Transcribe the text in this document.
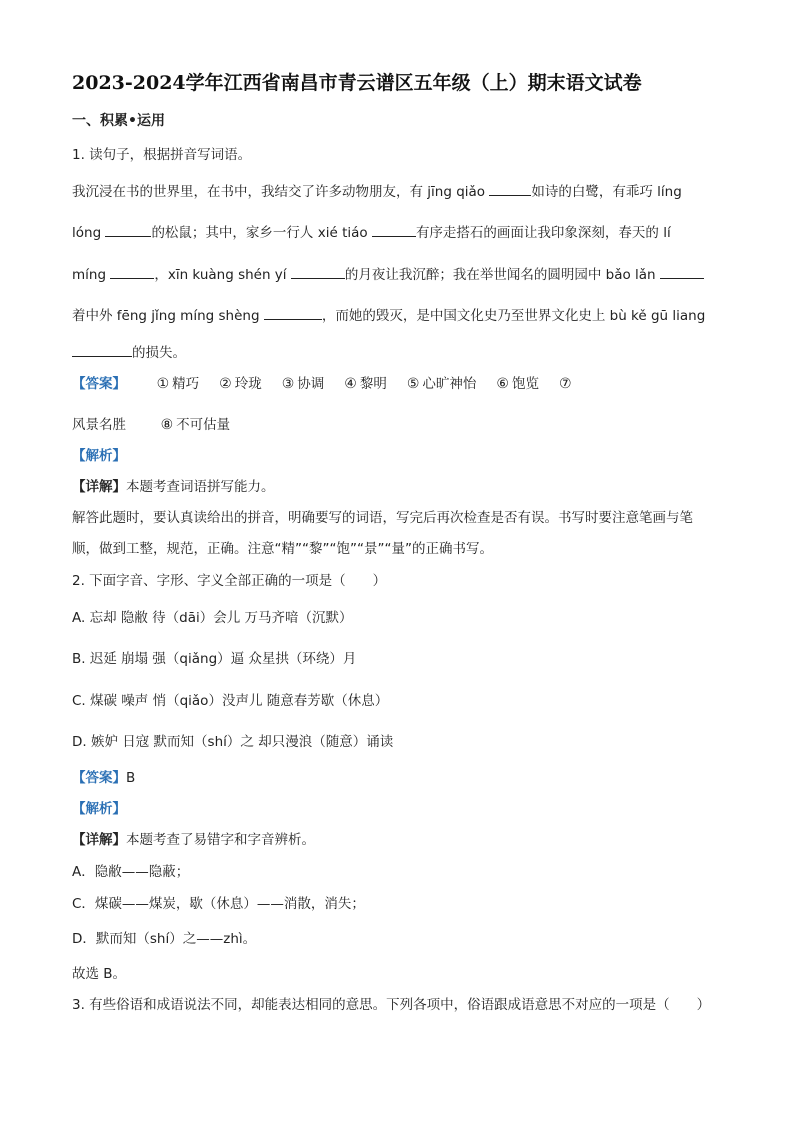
2023-2024学年江西省南昌市青云谱区五年级（上）期末语文试卷
一、积累•运用
1. 读句子，根据拼音写词语。
我沉浸在书的世界里，在书中，我结交了许多动物朋友，有 jīng qiǎo	如诗的白鹭，有乖巧 líng
lóng	的松鼠；其中，家乡一行人 xié tiáo	有序走搭石的画面让我印象深刻，春天的 lí
míng	，xīn kuàng shén yí	的月夜让我沉醉；我在举世闻名的圆明园中 bǎo lǎn
着中外 fēng jǐng míng shèng	，而她的毁灭，是中国文化史乃至世界文化史上 bù kě gū liang
的损失。
【答案】 ① 精巧 ② 玲珑 ③ 协调 ④ 黎明 ⑤ 心旷神怡 ⑥ 饱览 ⑦
风景名胜 ⑧ 不可估量
【解析】
【详解】本题考查词语拼写能力。
解答此题时，要认真读给出的拼音，明确要写的词语，写完后再次检查是否有误。书写时要注意笔画与笔
顺，做到工整，规范，正确。注意“精”“黎”“饱”“景”“量”的正确书写。
2. 下面字音、字形、字义全部正确的一项是（　　）
A. 忘却 隐敝 待（dāi）会儿 万马齐喑（沉默）
B. 迟延 崩塌 强（qiǎng）逼 众星拱（环绕）月
C. 煤碳 噪声 悄（qiǎo）没声儿 随意春芳歇（休息）
D. 嫉妒 日寇 默而知（shí）之 却只漫浪（随意）诵读
【答案】B
【解析】
【详解】本题考查了易错字和字音辨析。
A．隐敝——隐蔽；
C．煤碳——煤炭，歇（休息）——消散，消失；
D．默而知（shí）之——zhì。
故选 B。
3. 有些俗语和成语说法不同，却能表达相同的意思。下列各项中，俗语跟成语意思不对应的一项是（　　）
